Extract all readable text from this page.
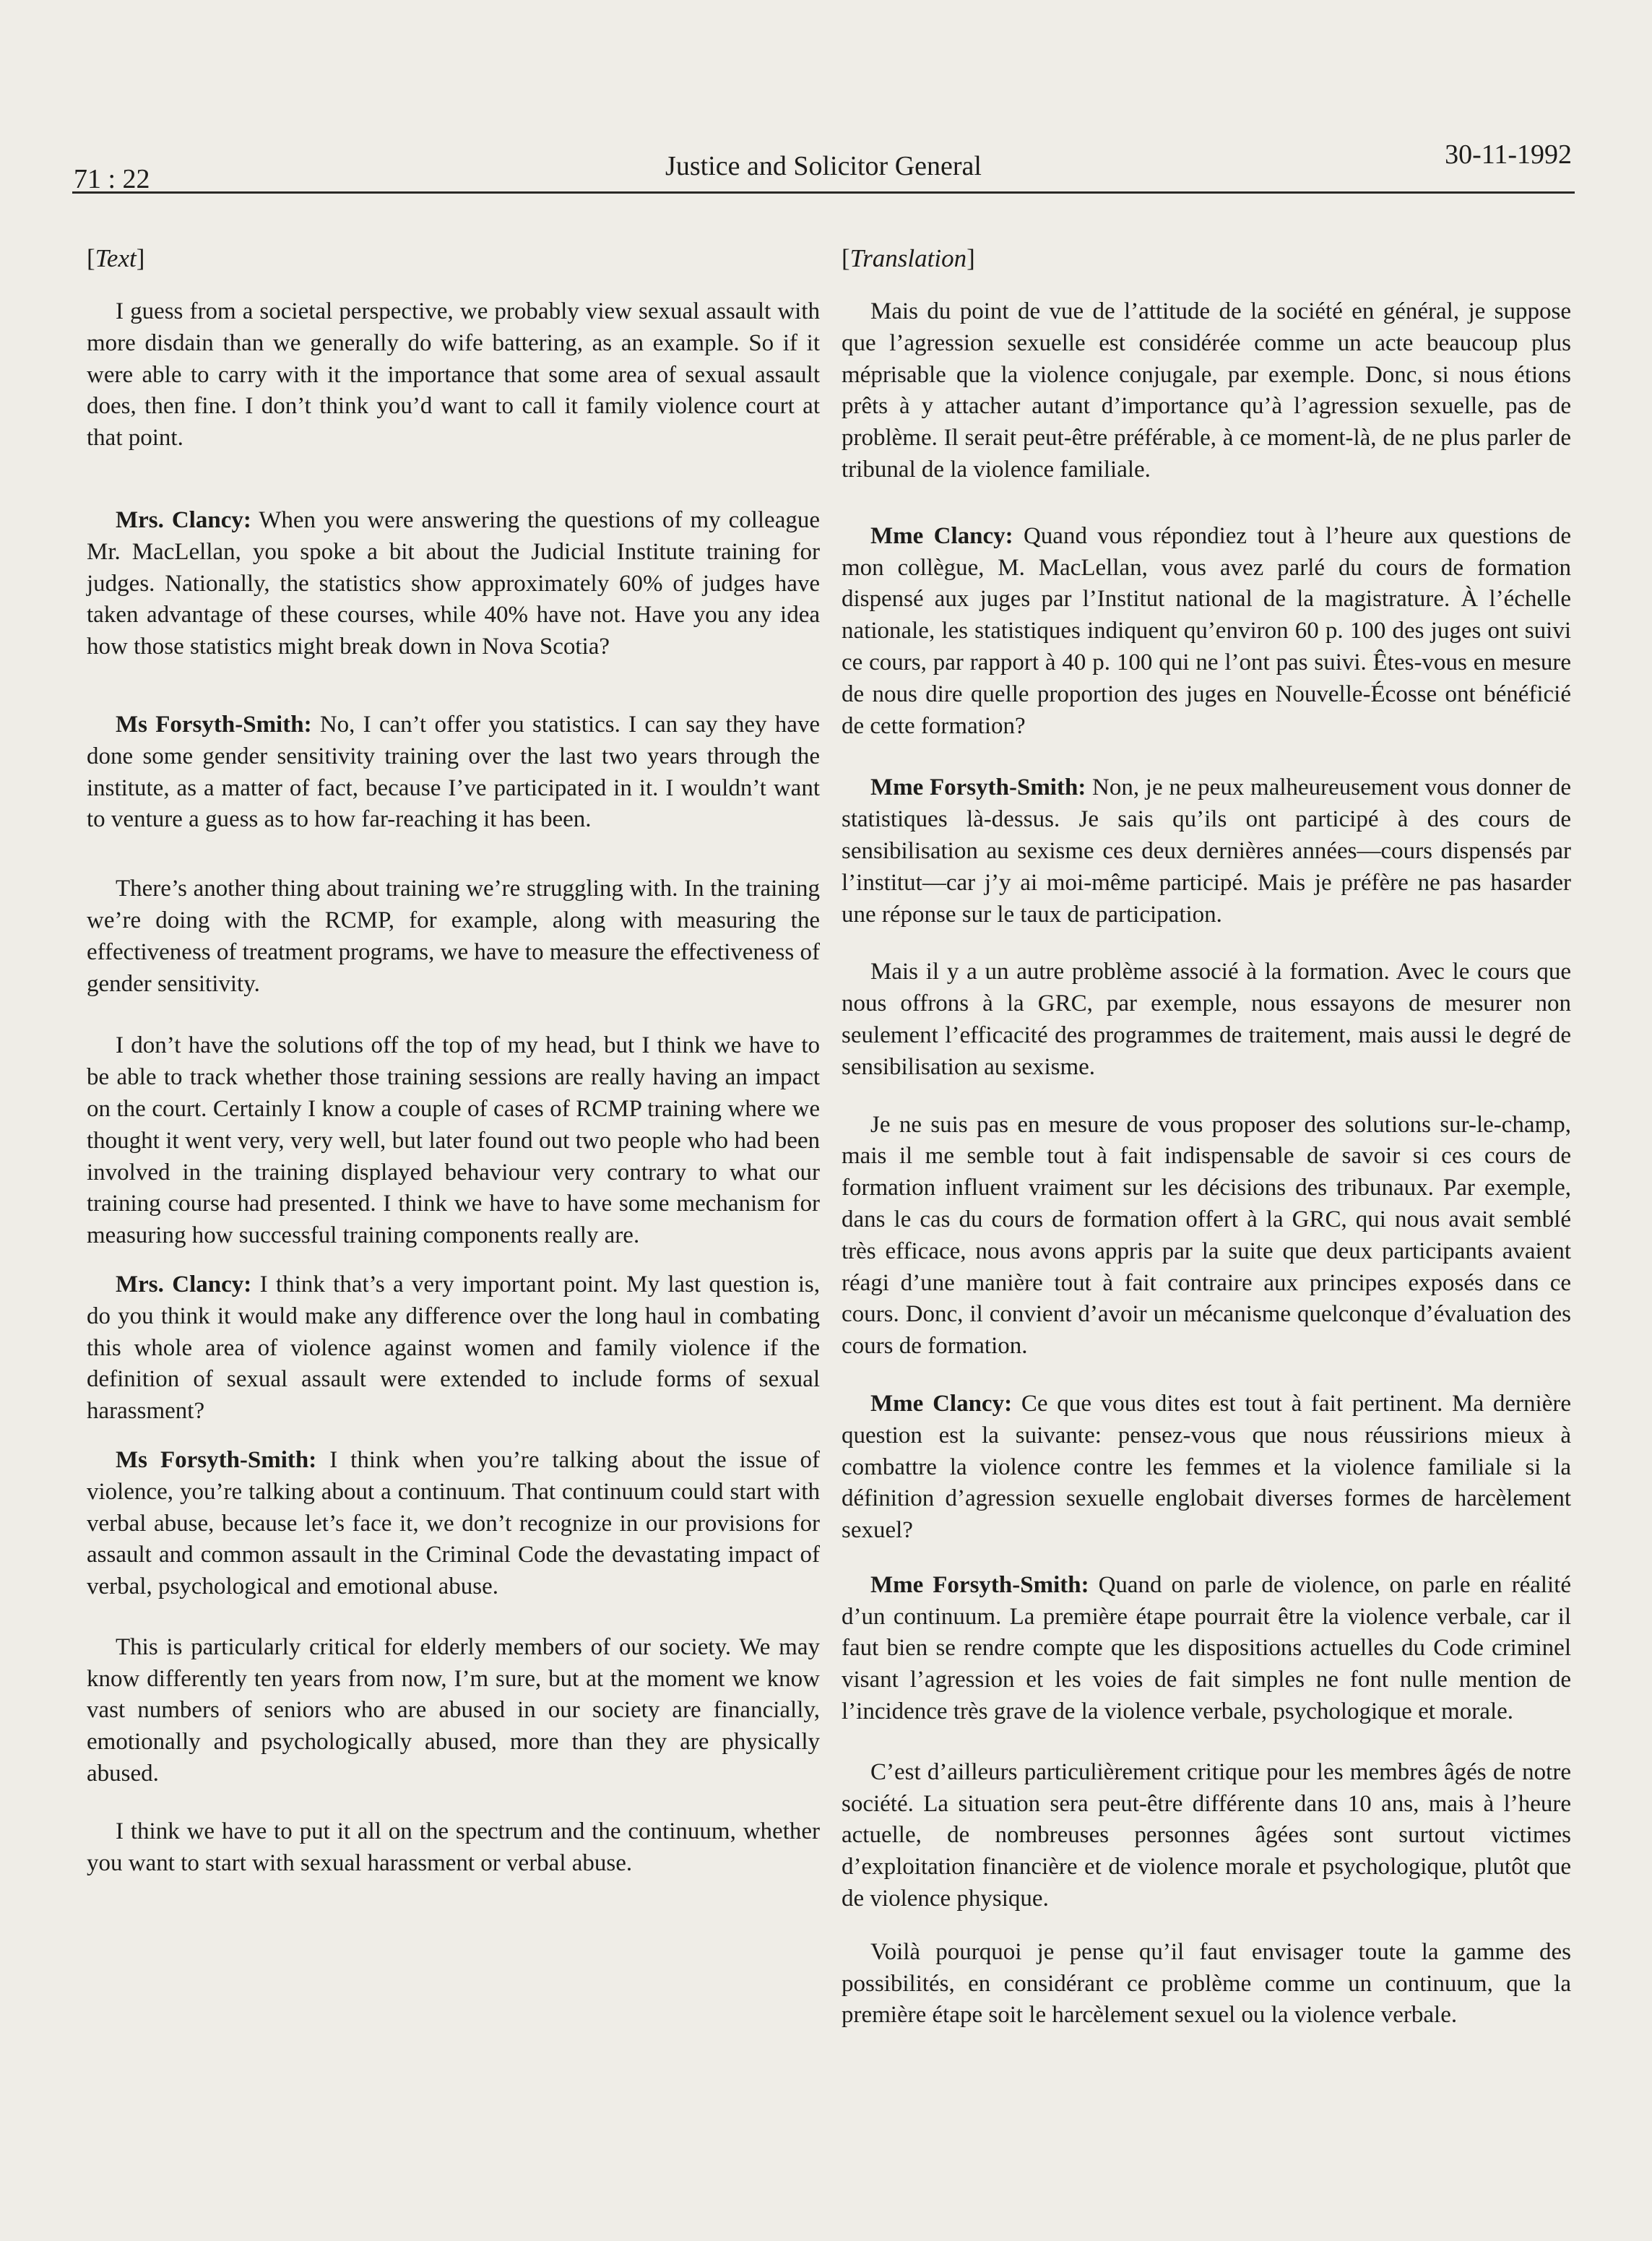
71 : 22	Justice and Solicitor General	30-11-1992
[Text]

I guess from a societal perspective, we probably view sexual assault with more disdain than we generally do wife battering, as an example. So if it were able to carry with it the importance that some area of sexual assault does, then fine. I don’t think you’d want to call it family violence court at that point.

Mrs. Clancy: When you were answering the questions of my colleague Mr. MacLellan, you spoke a bit about the Judicial Institute training for judges. Nationally, the statistics show approximately 60% of judges have taken advantage of these courses, while 40% have not. Have you any idea how those statistics might break down in Nova Scotia?

Ms Forsyth-Smith: No, I can’t offer you statistics. I can say they have done some gender sensitivity training over the last two years through the institute, as a matter of fact, because I’ve participated in it. I wouldn’t want to venture a guess as to how far-reaching it has been.

There’s another thing about training we’re struggling with. In the training we’re doing with the RCMP, for example, along with measuring the effectiveness of treatment programs, we have to measure the effectiveness of gender sensitivity.

I don’t have the solutions off the top of my head, but I think we have to be able to track whether those training sessions are really having an impact on the court. Certainly I know a couple of cases of RCMP training where we thought it went very, very well, but later found out two people who had been involved in the training displayed behaviour very contrary to what our training course had presented. I think we have to have some mechanism for measuring how successful training components really are.

Mrs. Clancy: I think that’s a very important point. My last question is, do you think it would make any difference over the long haul in combating this whole area of violence against women and family violence if the definition of sexual assault were extended to include forms of sexual harassment?

Ms Forsyth-Smith: I think when you’re talking about the issue of violence, you’re talking about a continuum. That continuum could start with verbal abuse, because let’s face it, we don’t recognize in our provisions for assault and common assault in the Criminal Code the devastating impact of verbal, psychological and emotional abuse.

This is particularly critical for elderly members of our society. We may know differently ten years from now, I’m sure, but at the moment we know vast numbers of seniors who are abused in our society are financially, emotionally and psychologically abused, more than they are physically abused.

I think we have to put it all on the spectrum and the continuum, whether you want to start with sexual harassment or verbal abuse.

[Translation]

Mais du point de vue de l’attitude de la société en général, je suppose que l’agression sexuelle est considérée comme un acte beaucoup plus méprisable que la violence conjugale, par exemple. Donc, si nous étions prêts à y attacher autant d’importance qu’à l’agression sexuelle, pas de problème. Il serait peut-être préférable, à ce moment-là, de ne plus parler de tribunal de la violence familiale.

Mme Clancy: Quand vous répondiez tout à l’heure aux questions de mon collègue, M. MacLellan, vous avez parlé du cours de formation dispensé aux juges par l’Institut national de la magistrature. À l’échelle nationale, les statistiques indiquent qu’environ 60 p. 100 des juges ont suivi ce cours, par rapport à 40 p. 100 qui ne l’ont pas suivi. Êtes-vous en mesure de nous dire quelle proportion des juges en Nouvelle-Écosse ont bénéficié de cette formation?

Mme Forsyth-Smith: Non, je ne peux malheureusement vous donner de statistiques là-dessus. Je sais qu’ils ont participé à des cours de sensibilisation au sexisme ces deux dernières années—cours dispensés par l’institut—car j’y ai moi-même participé. Mais je préfère ne pas hasarder une réponse sur le taux de participation.

Mais il y a un autre problème associé à la formation. Avec le cours que nous offrons à la GRC, par exemple, nous essayons de mesurer non seulement l’efficacité des programmes de traitement, mais aussi le degré de sensibilisation au sexisme.

Je ne suis pas en mesure de vous proposer des solutions sur-le-champ, mais il me semble tout à fait indispensable de savoir si ces cours de formation influent vraiment sur les décisions des tribunaux. Par exemple, dans le cas du cours de formation offert à la GRC, qui nous avait semblé très efficace, nous avons appris par la suite que deux participants avaient réagi d’une manière tout à fait contraire aux principes exposés dans ce cours. Donc, il convient d’avoir un mécanisme quelconque d’évaluation des cours de formation.

Mme Clancy: Ce que vous dites est tout à fait pertinent. Ma dernière question est la suivante: pensez-vous que nous réussirions mieux à combattre la violence contre les femmes et la violence familiale si la définition d’agression sexuelle englobait diverses formes de harcèlement sexuel?

Mme Forsyth-Smith: Quand on parle de violence, on parle en réalité d’un continuum. La première étape pourrait être la violence verbale, car il faut bien se rendre compte que les dispositions actuelles du Code criminel visant l’agression et les voies de fait simples ne font nulle mention de l’incidence très grave de la violence verbale, psychologique et morale.

C’est d’ailleurs particulièrement critique pour les membres âgés de notre société. La situation sera peut-être différente dans 10 ans, mais à l’heure actuelle, de nombreuses personnes âgées sont surtout victimes d’exploitation financière et de violence morale et psychologique, plutôt que de violence physique.

Voilà pourquoi je pense qu’il faut envisager toute la gamme des possibilités, en considérant ce problème comme un continuum, que la première étape soit le harcèlement sexuel ou la violence verbale.
